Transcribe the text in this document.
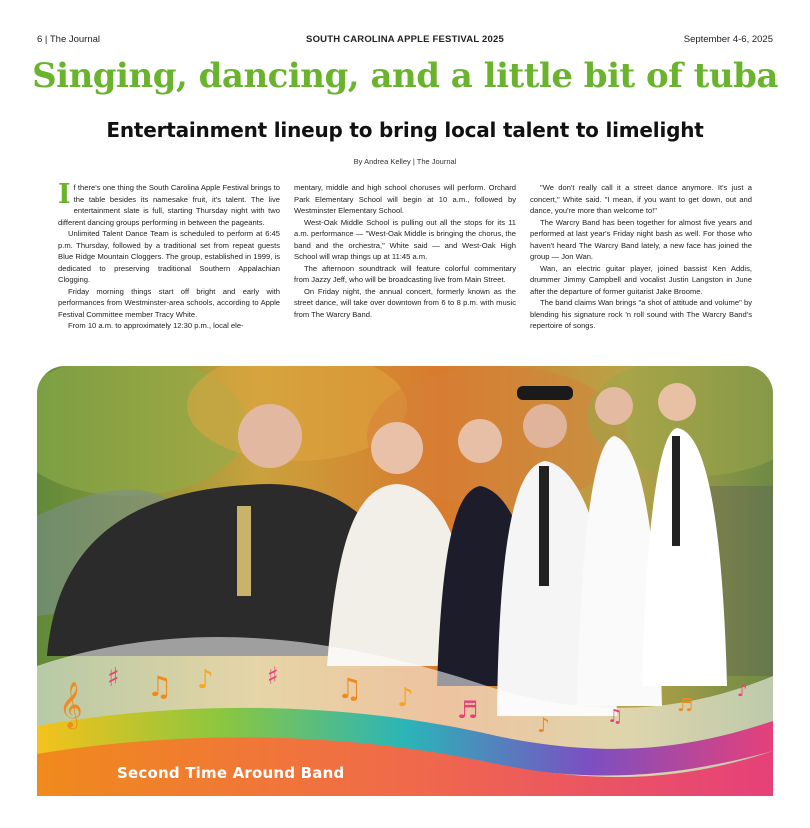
6 | The Journal	SOUTH CAROLINA APPLE FESTIVAL 2025	September 4-6, 2025
Singing, dancing, and a little bit of tuba
Entertainment lineup to bring local talent to limelight
By Andrea Kelley | The Journal

If there's one thing the South Carolina Apple Festival brings to the table besides its namesake fruit, it's talent. The live entertainment slate is full, starting Thursday night with two different dancing groups performing in between the pageants.

Unlimited Talent Dance Team is scheduled to perform at 6:45 p.m. Thursday, followed by a traditional set from repeat guests Blue Ridge Mountain Cloggers. The group, established in 1999, is dedicated to preserving traditional Southern Appalachian Clogging.

Friday morning things start off bright and early with performances from Westminster-area schools, according to Apple Festival Committee member Tracy White.

From 10 a.m. to approximately 12:30 p.m., local ele-

mentary, middle and high school choruses will perform. Orchard Park Elementary School will begin at 10 a.m., followed by Westminster Elementary School.

West-Oak Middle School is pulling out all the stops for its 11 a.m. performance — "West-Oak Middle is bringing the chorus, the band and the orchestra," White said — and West-Oak High School will wrap things up at 11:45 a.m.

The afternoon soundtrack will feature colorful commentary from Jazzy Jeff, who will be broadcasting live from Main Street.

On Friday night, the annual concert, formerly known as the street dance, will take over downtown from 6 to 8 p.m. with music from The Warcry Band.

"We don't really call it a street dance anymore. It's just a concert," White said. "I mean, if you want to get down, out and dance, you're more than welcome to!"

The Warcry Band has been together for almost five years and performed at last year's Friday night bash as well. For those who haven't heard The Warcry Band lately, a new face has joined the group — Jon Wan.

Wan, an electric guitar player, joined bassist Ken Addis, drummer Jimmy Campbell and vocalist Justin Langston in June after the departure of former guitarist Jake Broome.

The band claims Wan brings "a shot of attitude and volume" by blending his signature rock 'n roll sound with The Warcry Band's repertoire of songs.

𝄞
♯ ♫ ♪ ♯ ♫ ♪ ♬
♪	♫
♬
♪
Second Time Around Band
